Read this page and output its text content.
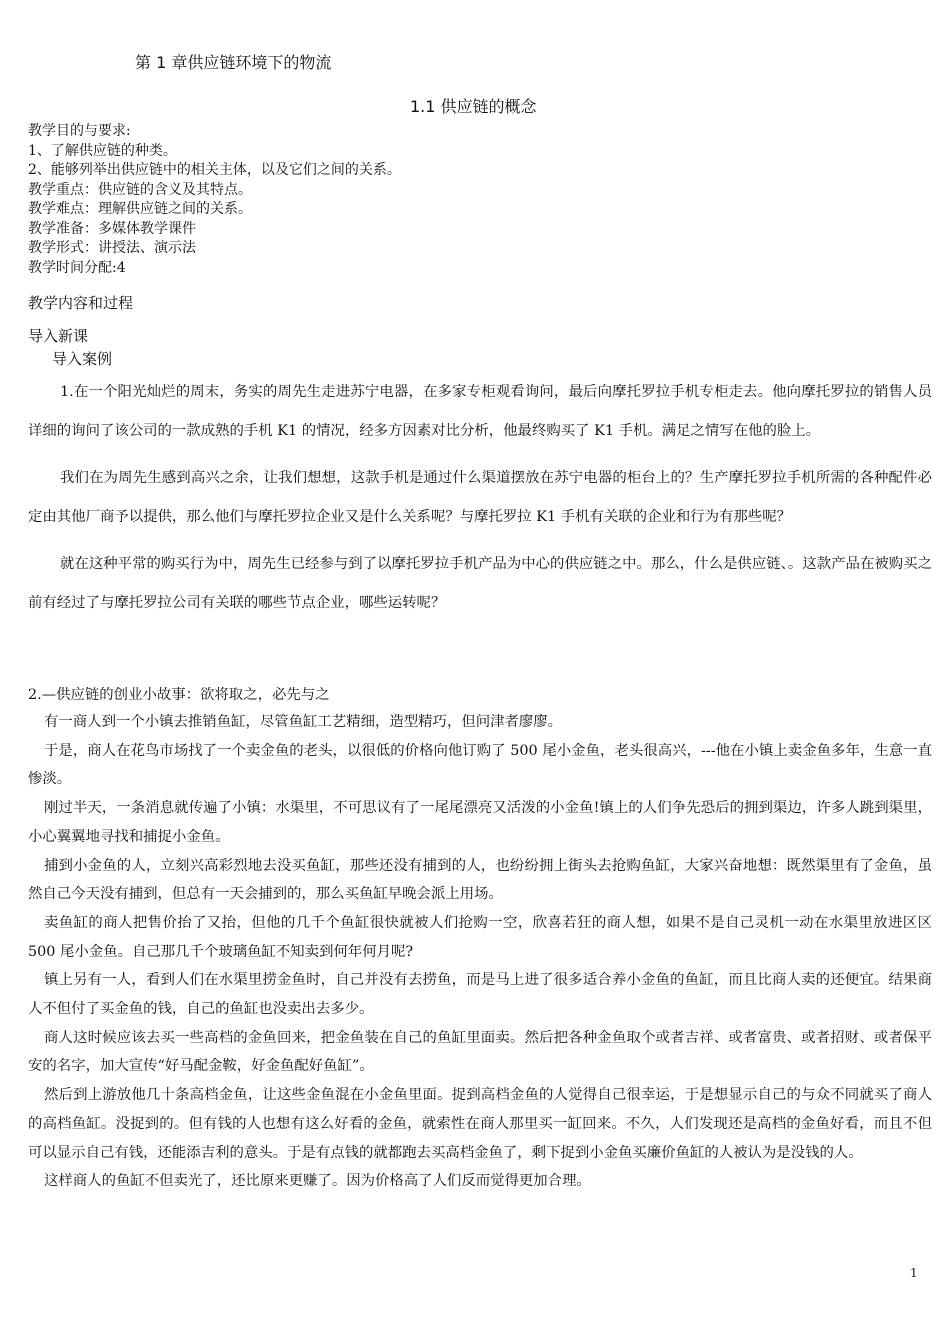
第 1 章供应链环境下的物流
1.1 供应链的概念
教学目的与要求:
1、了解供应链的种类。
2、能够列举出供应链中的相关主体，以及它们之间的关系。
教学重点：供应链的含义及其特点。
教学难点：理解供应链之间的关系。
教学准备：多媒体教学课件
教学形式：讲授法、演示法
教学时间分配:4
教学内容和过程
导入新课
导入案例

1.在一个阳光灿烂的周末，务实的周先生走进苏宁电器，在多家专柜观看询问，最后向摩托罗拉手机专柜走去。他向摩托罗拉的销售人员详细的询问了该公司的一款成熟的手机 K1 的情况，经多方因素对比分析，他最终购买了 K1 手机。满足之情写在他的脸上。

我们在为周先生感到高兴之余，让我们想想，这款手机是通过什么渠道摆放在苏宁电器的柜台上的？生产摩托罗拉手机所需的各种配件必定由其他厂商予以提供，那么他们与摩托罗拉企业又是什么关系呢？与摩托罗拉 K1 手机有关联的企业和行为有那些呢？

就在这种平常的购买行为中，周先生已经参与到了以摩托罗拉手机产品为中心的供应链之中。那么，什么是供应链、。这款产品在被购买之前有经过了与摩托罗拉公司有关联的哪些节点企业，哪些运转呢？

2.—供应链的创业小故事：欲将取之，必先与之

有一商人到一个小镇去推销鱼缸，尽管鱼缸工艺精细，造型精巧，但问津者廖廖。

于是，商人在花鸟市场找了一个卖金鱼的老头，以很低的价格向他订购了 500 尾小金鱼，老头很高兴，---他在小镇上卖金鱼多年，生意一直惨淡。

刚过半天，一条消息就传遍了小镇：水渠里，不可思议有了一尾尾漂亮又活泼的小金鱼!镇上的人们争先恐后的拥到渠边，许多人跳到渠里，小心翼翼地寻找和捕捉小金鱼。

捕到小金鱼的人，立刻兴高彩烈地去没买鱼缸，那些还没有捕到的人，也纷纷拥上街头去抢购鱼缸，大家兴奋地想：既然渠里有了金鱼，虽然自己今天没有捕到，但总有一天会捕到的，那么买鱼缸早晚会派上用场。

卖鱼缸的商人把售价抬了又抬，但他的几千个鱼缸很快就被人们抢购一空，欣喜若狂的商人想，如果不是自己灵机一动在水渠里放进区区 500 尾小金鱼。自己那几千个玻璃鱼缸不知卖到何年何月呢?

镇上另有一人，看到人们在水渠里捞金鱼时，自己并没有去捞鱼，而是马上进了很多适合养小金鱼的鱼缸，而且比商人卖的还便宜。结果商人不但付了买金鱼的钱，自己的鱼缸也没卖出去多少。

商人这时候应该去买一些高档的金鱼回来，把金鱼装在自己的鱼缸里面卖。然后把各种金鱼取个或者吉祥、或者富贵、或者招财、或者保平安的名字，加大宣传“好马配金鞍，好金鱼配好鱼缸”。

然后到上游放他几十条高档金鱼，让这些金鱼混在小金鱼里面。捉到高档金鱼的人觉得自己很幸运，于是想显示自己的与众不同就买了商人的高档鱼缸。没捉到的。但有钱的人也想有这么好看的金鱼，就索性在商人那里买一缸回来。不久，人们发现还是高档的金鱼好看，而且不但可以显示自己有钱，还能添吉利的意头。于是有点钱的就都跑去买高档金鱼了，剩下捉到小金鱼买廉价鱼缸的人被认为是没钱的人。

这样商人的鱼缸不但卖光了，还比原来更赚了。因为价格高了人们反而觉得更加合理。

1
